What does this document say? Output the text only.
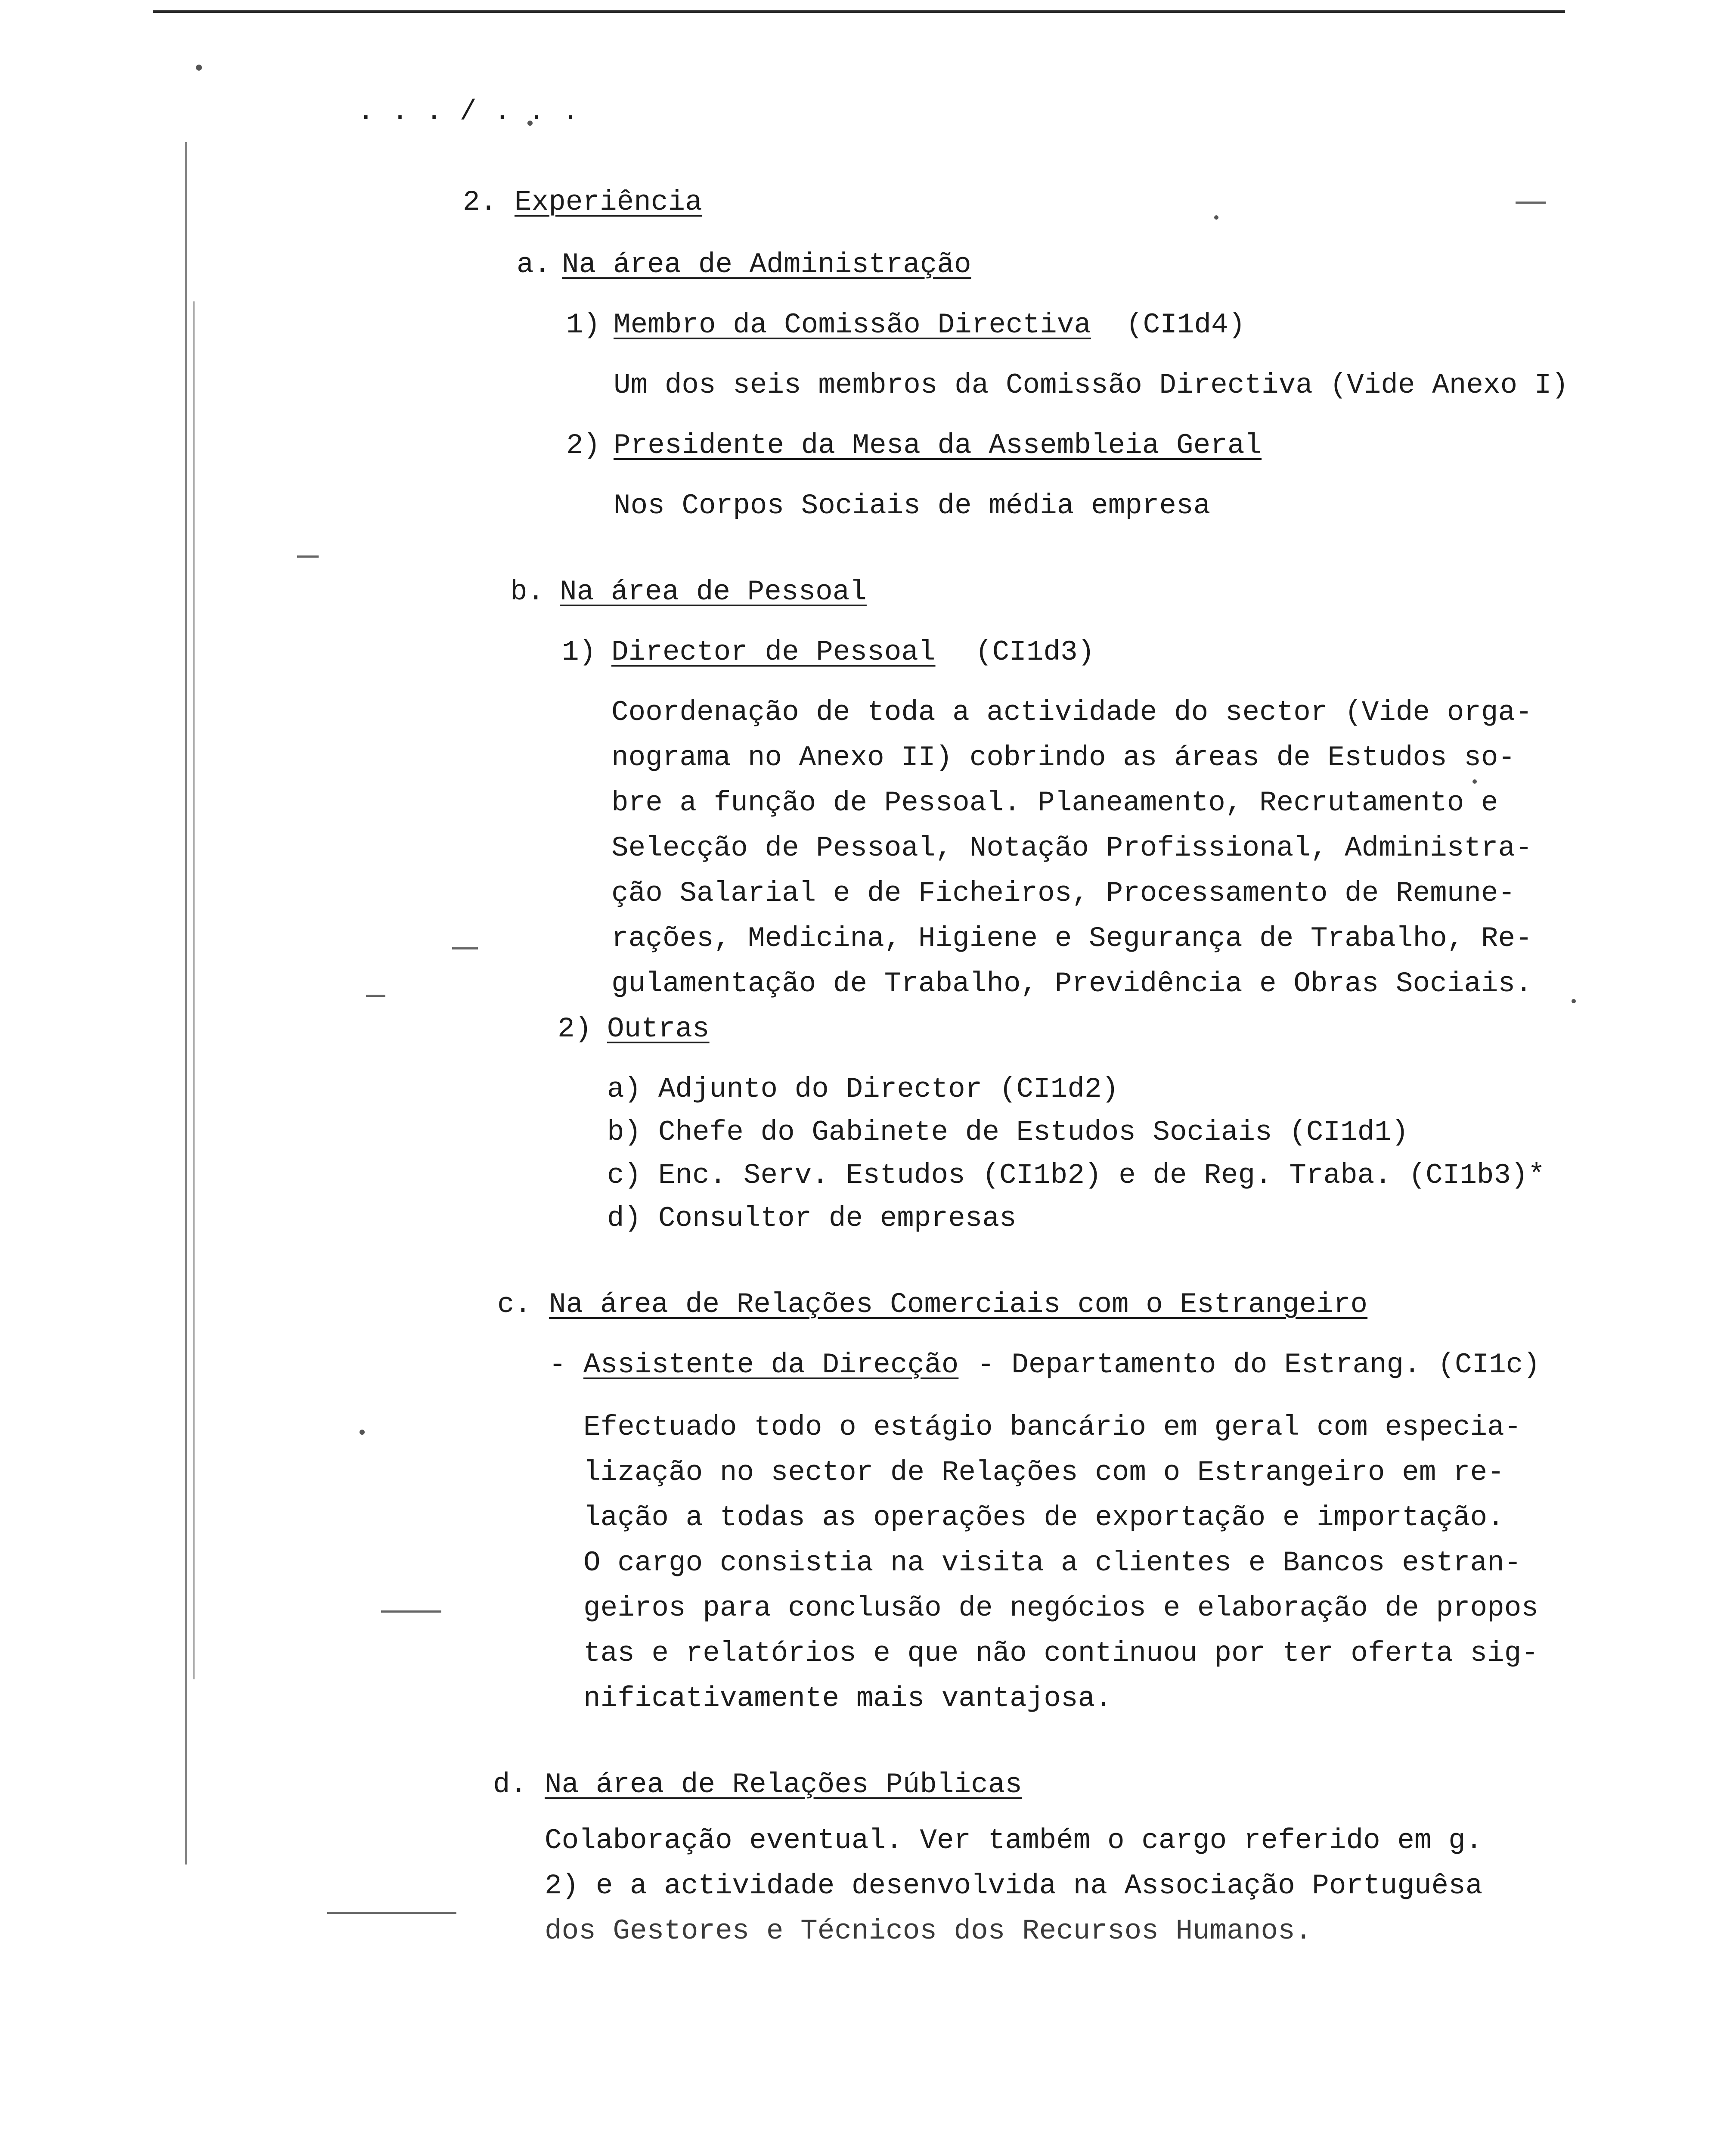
. . . / . . .

2. Experiência

a. Na área de Administração

1) Membro da Comissão Directiva (CI1d4)

Um dos seis membros da Comissão Directiva (Vide Anexo I)

2) Presidente da Mesa da Assembleia Geral

Nos Corpos Sociais de média empresa

b. Na área de Pessoal

1) Director de Pessoal (CI1d3)

Coordenação de toda a actividade do sector (Vide orga-

nograma no Anexo II) cobrindo as áreas de Estudos so-

bre a função de Pessoal. Planeamento, Recrutamento e

Selecção de Pessoal, Notação Profissional, Administra-

ção Salarial e de Ficheiros, Processamento de Remune-

rações, Medicina, Higiene e Segurança de Trabalho, Re-

gulamentação de Trabalho, Previdência e Obras Sociais.

2) Outras

a) Adjunto do Director (CI1d2)

b) Chefe do Gabinete de Estudos Sociais (CI1d1)

c) Enc. Serv. Estudos (CI1b2) e de Reg. Traba. (CI1b3)*

d) Consultor de empresas

c. Na área de Relações Comerciais com o Estrangeiro

- Assistente da Direcção - Departamento do Estrang. (CI1c)

Efectuado todo o estágio bancário em geral com especia-

lização no sector de Relações com o Estrangeiro em re-

lação a todas as operações de exportação e importação.

O cargo consistia na visita a clientes e Bancos estran-

geiros para conclusão de negócios e elaboração de propos

tas e relatórios e que não continuou por ter oferta sig-

nificativamente mais vantajosa.

d. Na área de Relações Públicas

Colaboração eventual. Ver também o cargo referido em g.

2) e a actividade desenvolvida na Associação Portuguêsa

dos Gestores e Técnicos dos Recursos Humanos.
